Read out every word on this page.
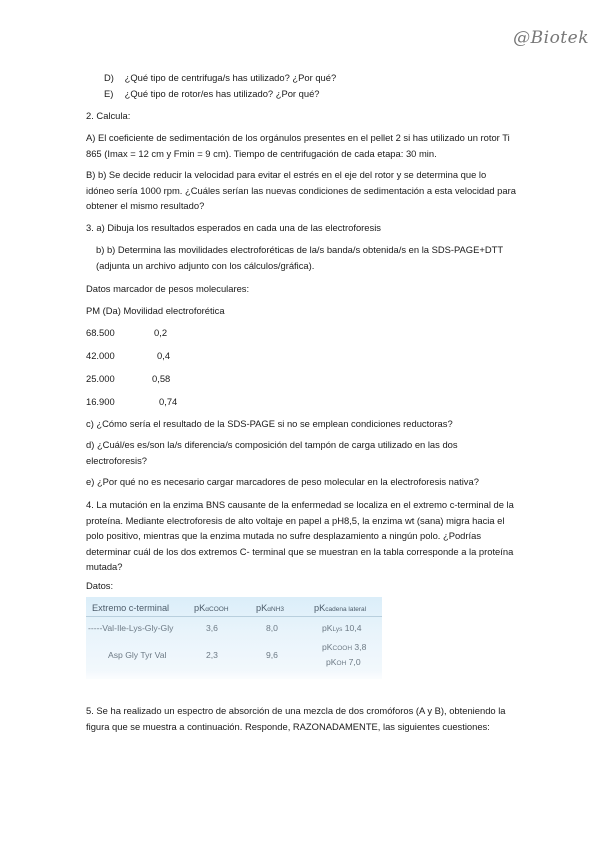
@Biotek

D) ¿Qué tipo de centrifuga/s has utilizado? ¿Por qué?

E) ¿Qué tipo de rotor/es has utilizado? ¿Por qué?

2. Calcula:

A) El coeficiente de sedimentación de los orgánulos presentes en el pellet 2 si has utilizado un rotor Ti 865 (Imax = 12 cm y Fmin = 9 cm). Tiempo de centrifugación de cada etapa: 30 min.

B) b) Se decide reducir la velocidad para evitar el estrés en el eje del rotor y se determina que lo idóneo sería 1000 rpm. ¿Cuáles serían las nuevas condiciones de sedimentación a esta velocidad para obtener el mismo resultado?

3. a) Dibuja los resultados esperados en cada una de las electroforesis

b) b) Determina las movilidades electroforéticas de la/s banda/s obtenida/s en la SDS-PAGE+DTT (adjunta un archivo adjunto con los cálculos/gráfica).

Datos marcador de pesos moleculares:

PM (Da) Movilidad electroforética

68.500	0,2
42.000	0,4
25.000	0,58
16.900	0,74

c) ¿Cómo sería el resultado de la SDS-PAGE si no se emplean condiciones reductoras?

d) ¿Cuál/es es/son la/s diferencia/s composición del tampón de carga utilizado en las dos electroforesis?

e) ¿Por qué no es necesario cargar marcadores de peso molecular en la electroforesis nativa?

4. La mutación en la enzima BNS causante de la enfermedad se localiza en el extremo c-terminal de la proteína. Mediante electroforesis de alto voltaje en papel a pH8,5, la enzima wt (sana) migra hacia el polo positivo, mientras que la enzima mutada no sufre desplazamiento a ningún polo. ¿Podrías determinar cuál de los dos extremos C- terminal que se muestran en la tabla corresponde a la proteína mutada?

Datos:

Extremo c-terminal	pKαCOOH	pKαNH3	pKcadena lateral
-----Val-Ile-Lys-Gly-Gly	3,6	8,0	pKLys 10,4
Asp Gly Tyr Val	2,3	9,6
pKCOOH 3,8
pKOH 7,0

5. Se ha realizado un espectro de absorción de una mezcla de dos cromóforos (A y B), obteniendo la figura que se muestra a continuación. Responde, RAZONADAMENTE, las siguientes cuestiones:
